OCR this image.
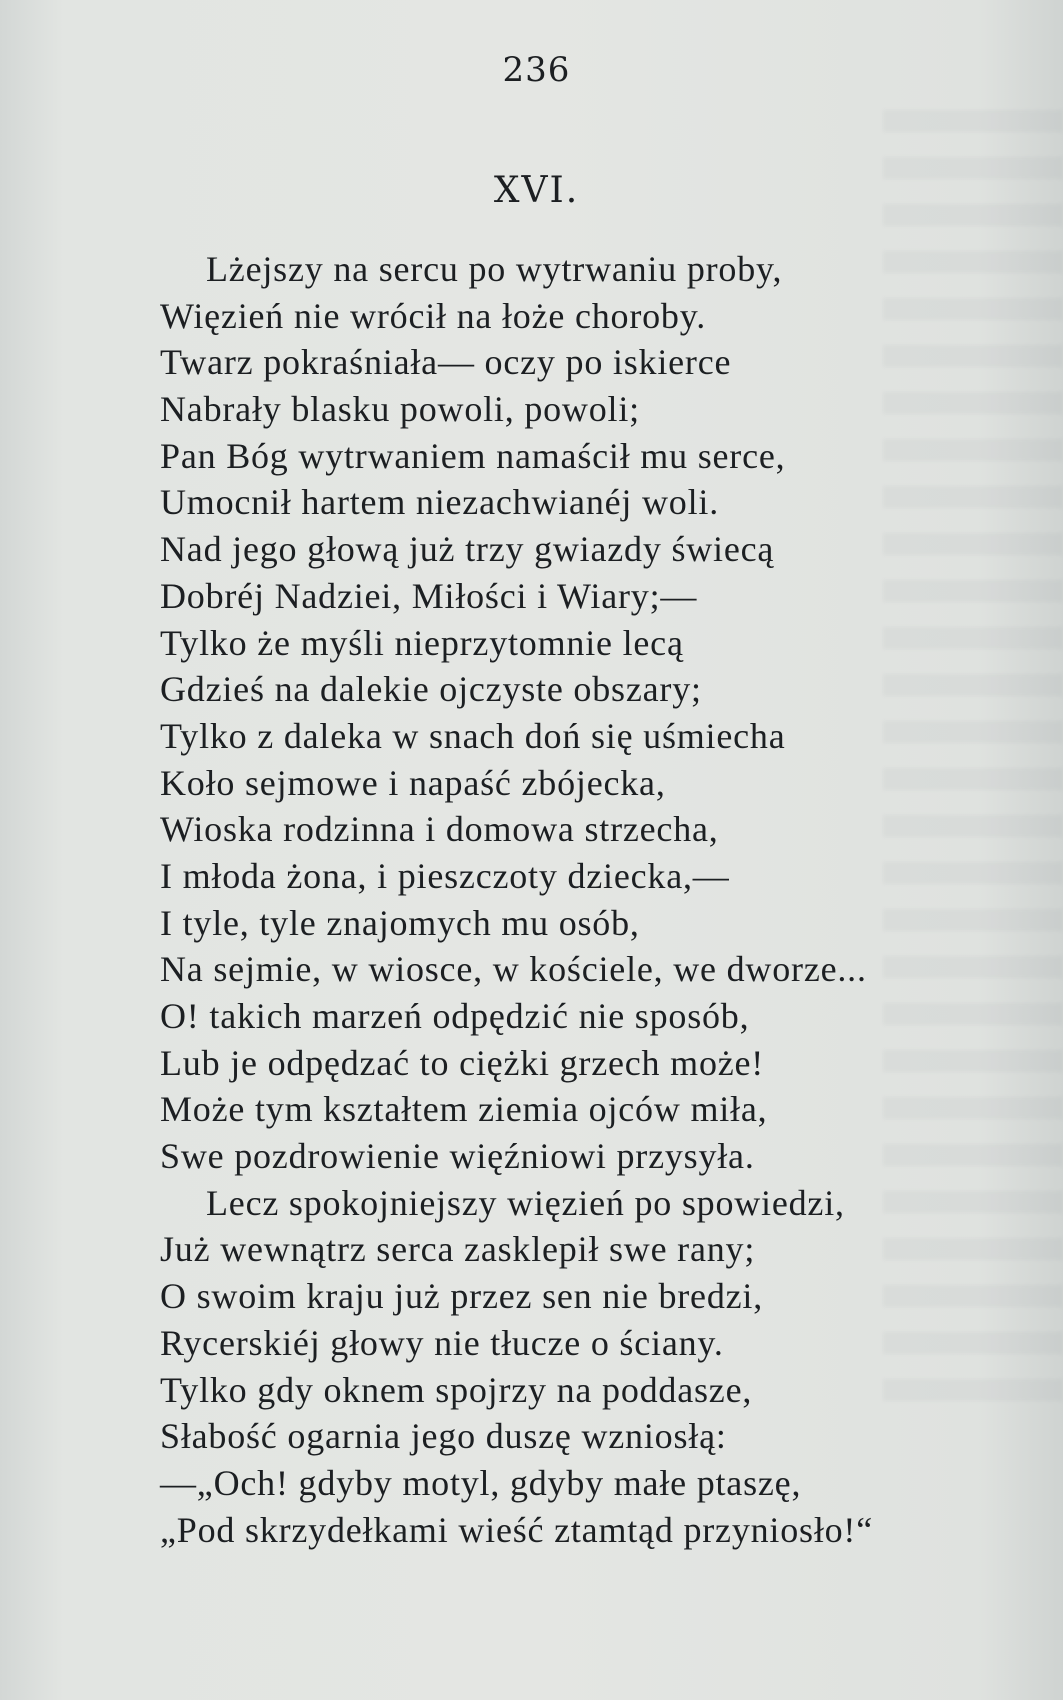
236
XVI.
Lżejszy na sercu po wytrwaniu proby,
Więzień nie wrócił na łoże choroby.
Twarz pokraśniała— oczy po iskierce
Nabrały blasku powoli, powoli;
Pan Bóg wytrwaniem namaścił mu serce,
Umocnił hartem niezachwianéj woli.
Nad jego głową już trzy gwiazdy świecą
Dobréj Nadziei, Miłości i Wiary;—
Tylko że myśli nieprzytomnie lecą
Gdzieś na dalekie ojczyste obszary;
Tylko z daleka w snach doń się uśmiecha
Koło sejmowe i napaść zbójecka,
Wioska rodzinna i domowa strzecha,
I młoda żona, i pieszczoty dziecka,—
I tyle, tyle znajomych mu osób,
Na sejmie, w wiosce, w kościele, we dworze...
O! takich marzeń odpędzić nie sposób,
Lub je odpędzać to ciężki grzech może!
Może tym kształtem ziemia ojców miła,
Swe pozdrowienie więźniowi przysyła.
Lecz spokojniejszy więzień po spowiedzi,
Już wewnątrz serca zasklepił swe rany;
O swoim kraju już przez sen nie bredzi,
Rycerskiéj głowy nie tłucze o ściany.
Tylko gdy oknem spojrzy na poddasze,
Słabość ogarnia jego duszę wzniosłą:
—„Och! gdyby motyl, gdyby małe ptaszę,
„Pod skrzydełkami wieść ztamtąd przyniosło!“
